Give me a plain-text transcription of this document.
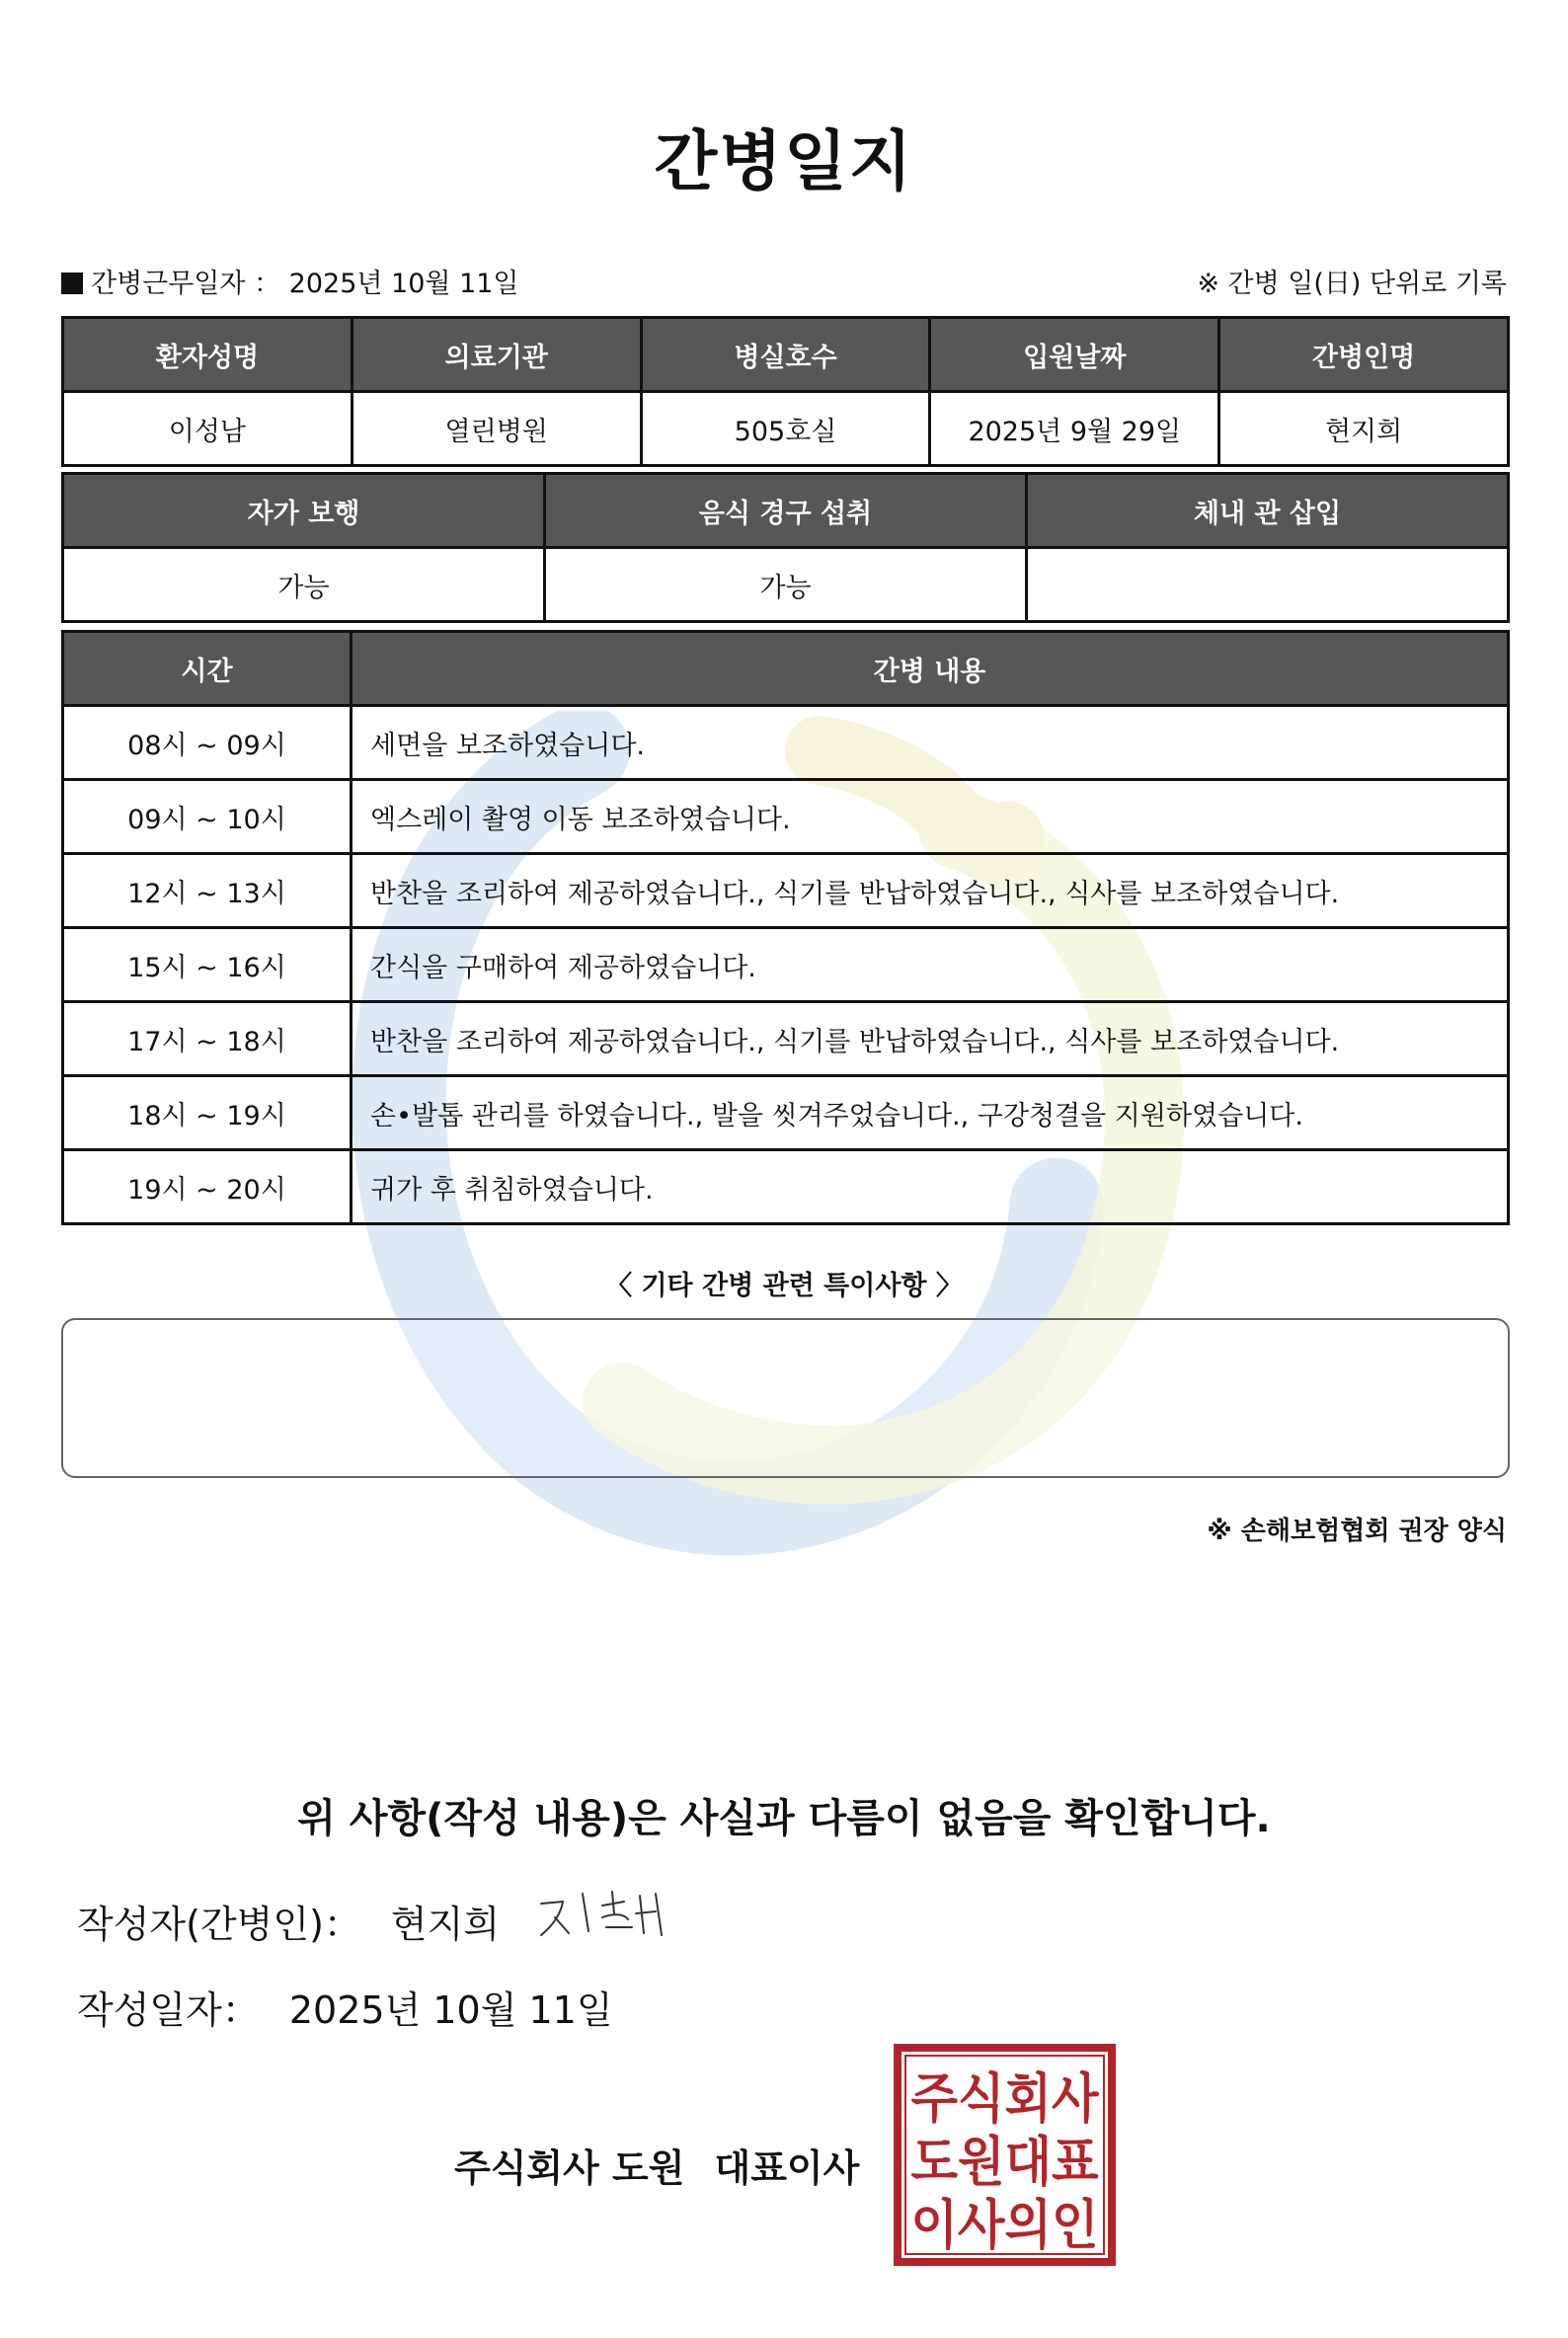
간병일지
간병근무일자 ： 2025년 10월 11일	※ 간병 일(日) 단위로 기록
환자성명	의료기관	병실호수	입원날짜	간병인명
이성남	열린병원	505호실	2025년 9월 29일	현지희
자가 보행	음식 경구 섭취	체내 관 삽입
가능	가능	
시간	간병 내용
08시 ~ 09시	세면을 보조하였습니다.
09시 ~ 10시	엑스레이 촬영 이동 보조하였습니다.
12시 ~ 13시	반찬을 조리하여 제공하였습니다., 식기를 반납하였습니다., 식사를 보조하였습니다.
15시 ~ 16시	간식을 구매하여 제공하였습니다.
17시 ~ 18시	반찬을 조리하여 제공하였습니다., 식기를 반납하였습니다., 식사를 보조하였습니다.
18시 ~ 19시	손•발톱 관리를 하였습니다., 발을 씻겨주었습니다., 구강청결을 지원하였습니다.
19시 ~ 20시	귀가 후 취침하였습니다.
〈 기타 간병 관련 특이사항 〉
※ 손해보험협회 권장 양식
위 사항(작성 내용)은 사실과 다름이 없음을 확인합니다.
작성자(간병인)： 현지희
작성일자： 2025년 10월 11일
주식회사 도원 대표이사
주식회사
도원대표
이사의인
